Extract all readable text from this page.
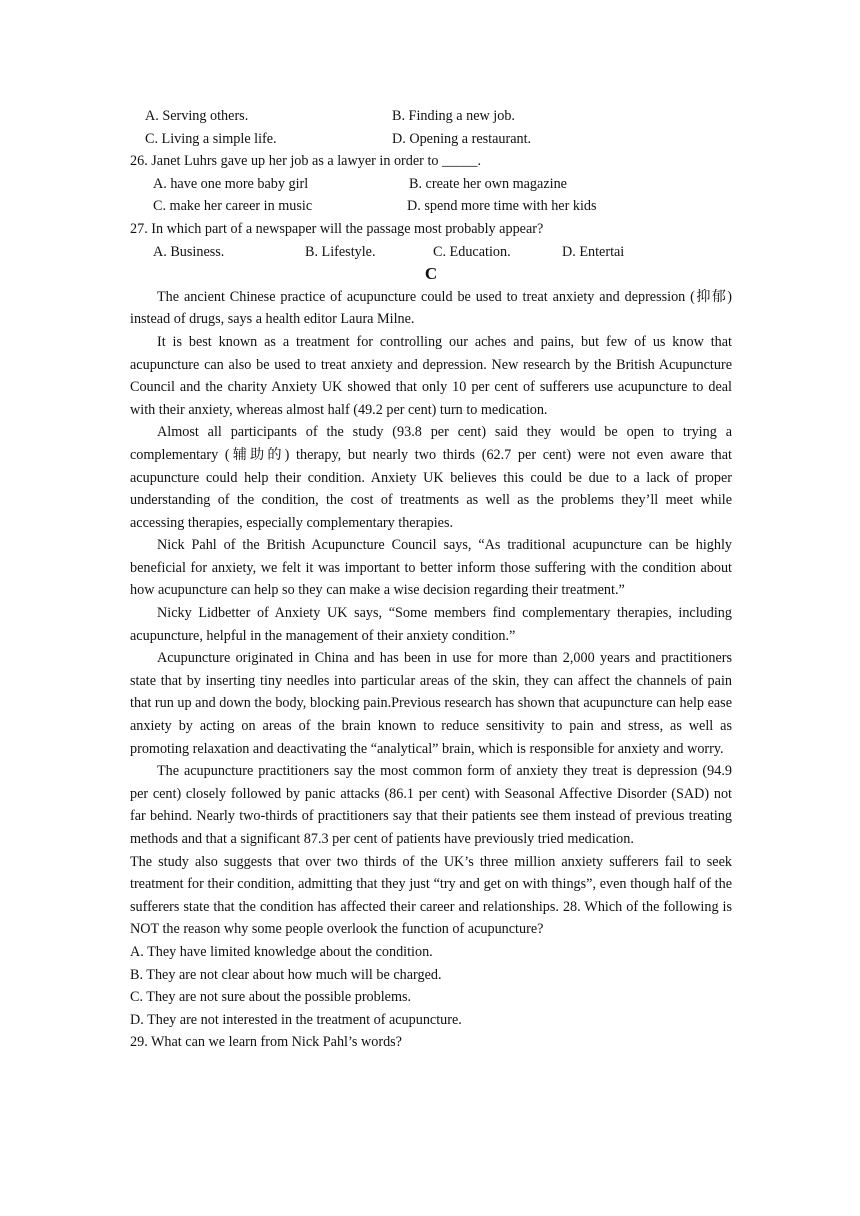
A. Serving others.	B. Finding a new job.
C. Living a simple life.	D. Opening a restaurant.
26. Janet Luhrs gave up her job as a lawyer in order to _____.
A. have one more baby girl	B. create her own magazine
C. make her career in music	D. spend more time with her kids
27. In which part of a newspaper will the passage most probably appear?
A. Business.	B. Lifestyle.	C. Education.	D. Entertai
C

The ancient Chinese practice of acupuncture could be used to treat anxiety and depression (抑郁) instead of drugs, says a health editor Laura Milne.

It is best known as a treatment for controlling our aches and pains, but few of us know that acupuncture can also be used to treat anxiety and depression. New research by the British Acupuncture Council and the charity Anxiety UK showed that only 10 per cent of sufferers use acupuncture to deal with their anxiety, whereas almost half (49.2 per cent) turn to medication.

Almost all participants of the study (93.8 per cent) said they would be open to trying a complementary (辅助的) therapy, but nearly two thirds (62.7 per cent) were not even aware that acupuncture could help their condition. Anxiety UK believes this could be due to a lack of proper understanding of the condition, the cost of treatments as well as the problems they’ll meet while accessing therapies, especially complementary therapies.

Nick Pahl of the British Acupuncture Council says, “As traditional acupuncture can be highly beneficial for anxiety, we felt it was important to better inform those suffering with the condition about how acupuncture can help so they can make a wise decision regarding their treatment.”

Nicky Lidbetter of Anxiety UK says, “Some members find complementary therapies, including acupuncture, helpful in the management of their anxiety condition.”

Acupuncture originated in China and has been in use for more than 2,000 years and practitioners state that by inserting tiny needles into particular areas of the skin, they can affect the channels of pain that run up and down the body, blocking pain.Previous research has shown that acupuncture can help ease anxiety by acting on areas of the brain known to reduce sensitivity to pain and stress, as well as promoting relaxation and deactivating the “analytical” brain, which is responsible for anxiety and worry.

The acupuncture practitioners say the most common form of anxiety they treat is depression (94.9 per cent) closely followed by panic attacks (86.1 per cent) with Seasonal Affective Disorder (SAD) not far behind. Nearly two-thirds of practitioners say that their patients see them instead of previous treating methods and that a significant 87.3 per cent of patients have previously tried medication.

The study also suggests that over two thirds of the UK’s three million anxiety sufferers fail to seek treatment for their condition, admitting that they just “try and get on with things”, even though half of the sufferers state that the condition has affected their career and relationships. 28. Which of the following is NOT the reason why some people overlook the function of acupuncture?

A. They have limited knowledge about the condition.
B. They are not clear about how much will be charged.
C. They are not sure about the possible problems.
D. They are not interested in the treatment of acupuncture.
29. What can we learn from Nick Pahl’s words?
